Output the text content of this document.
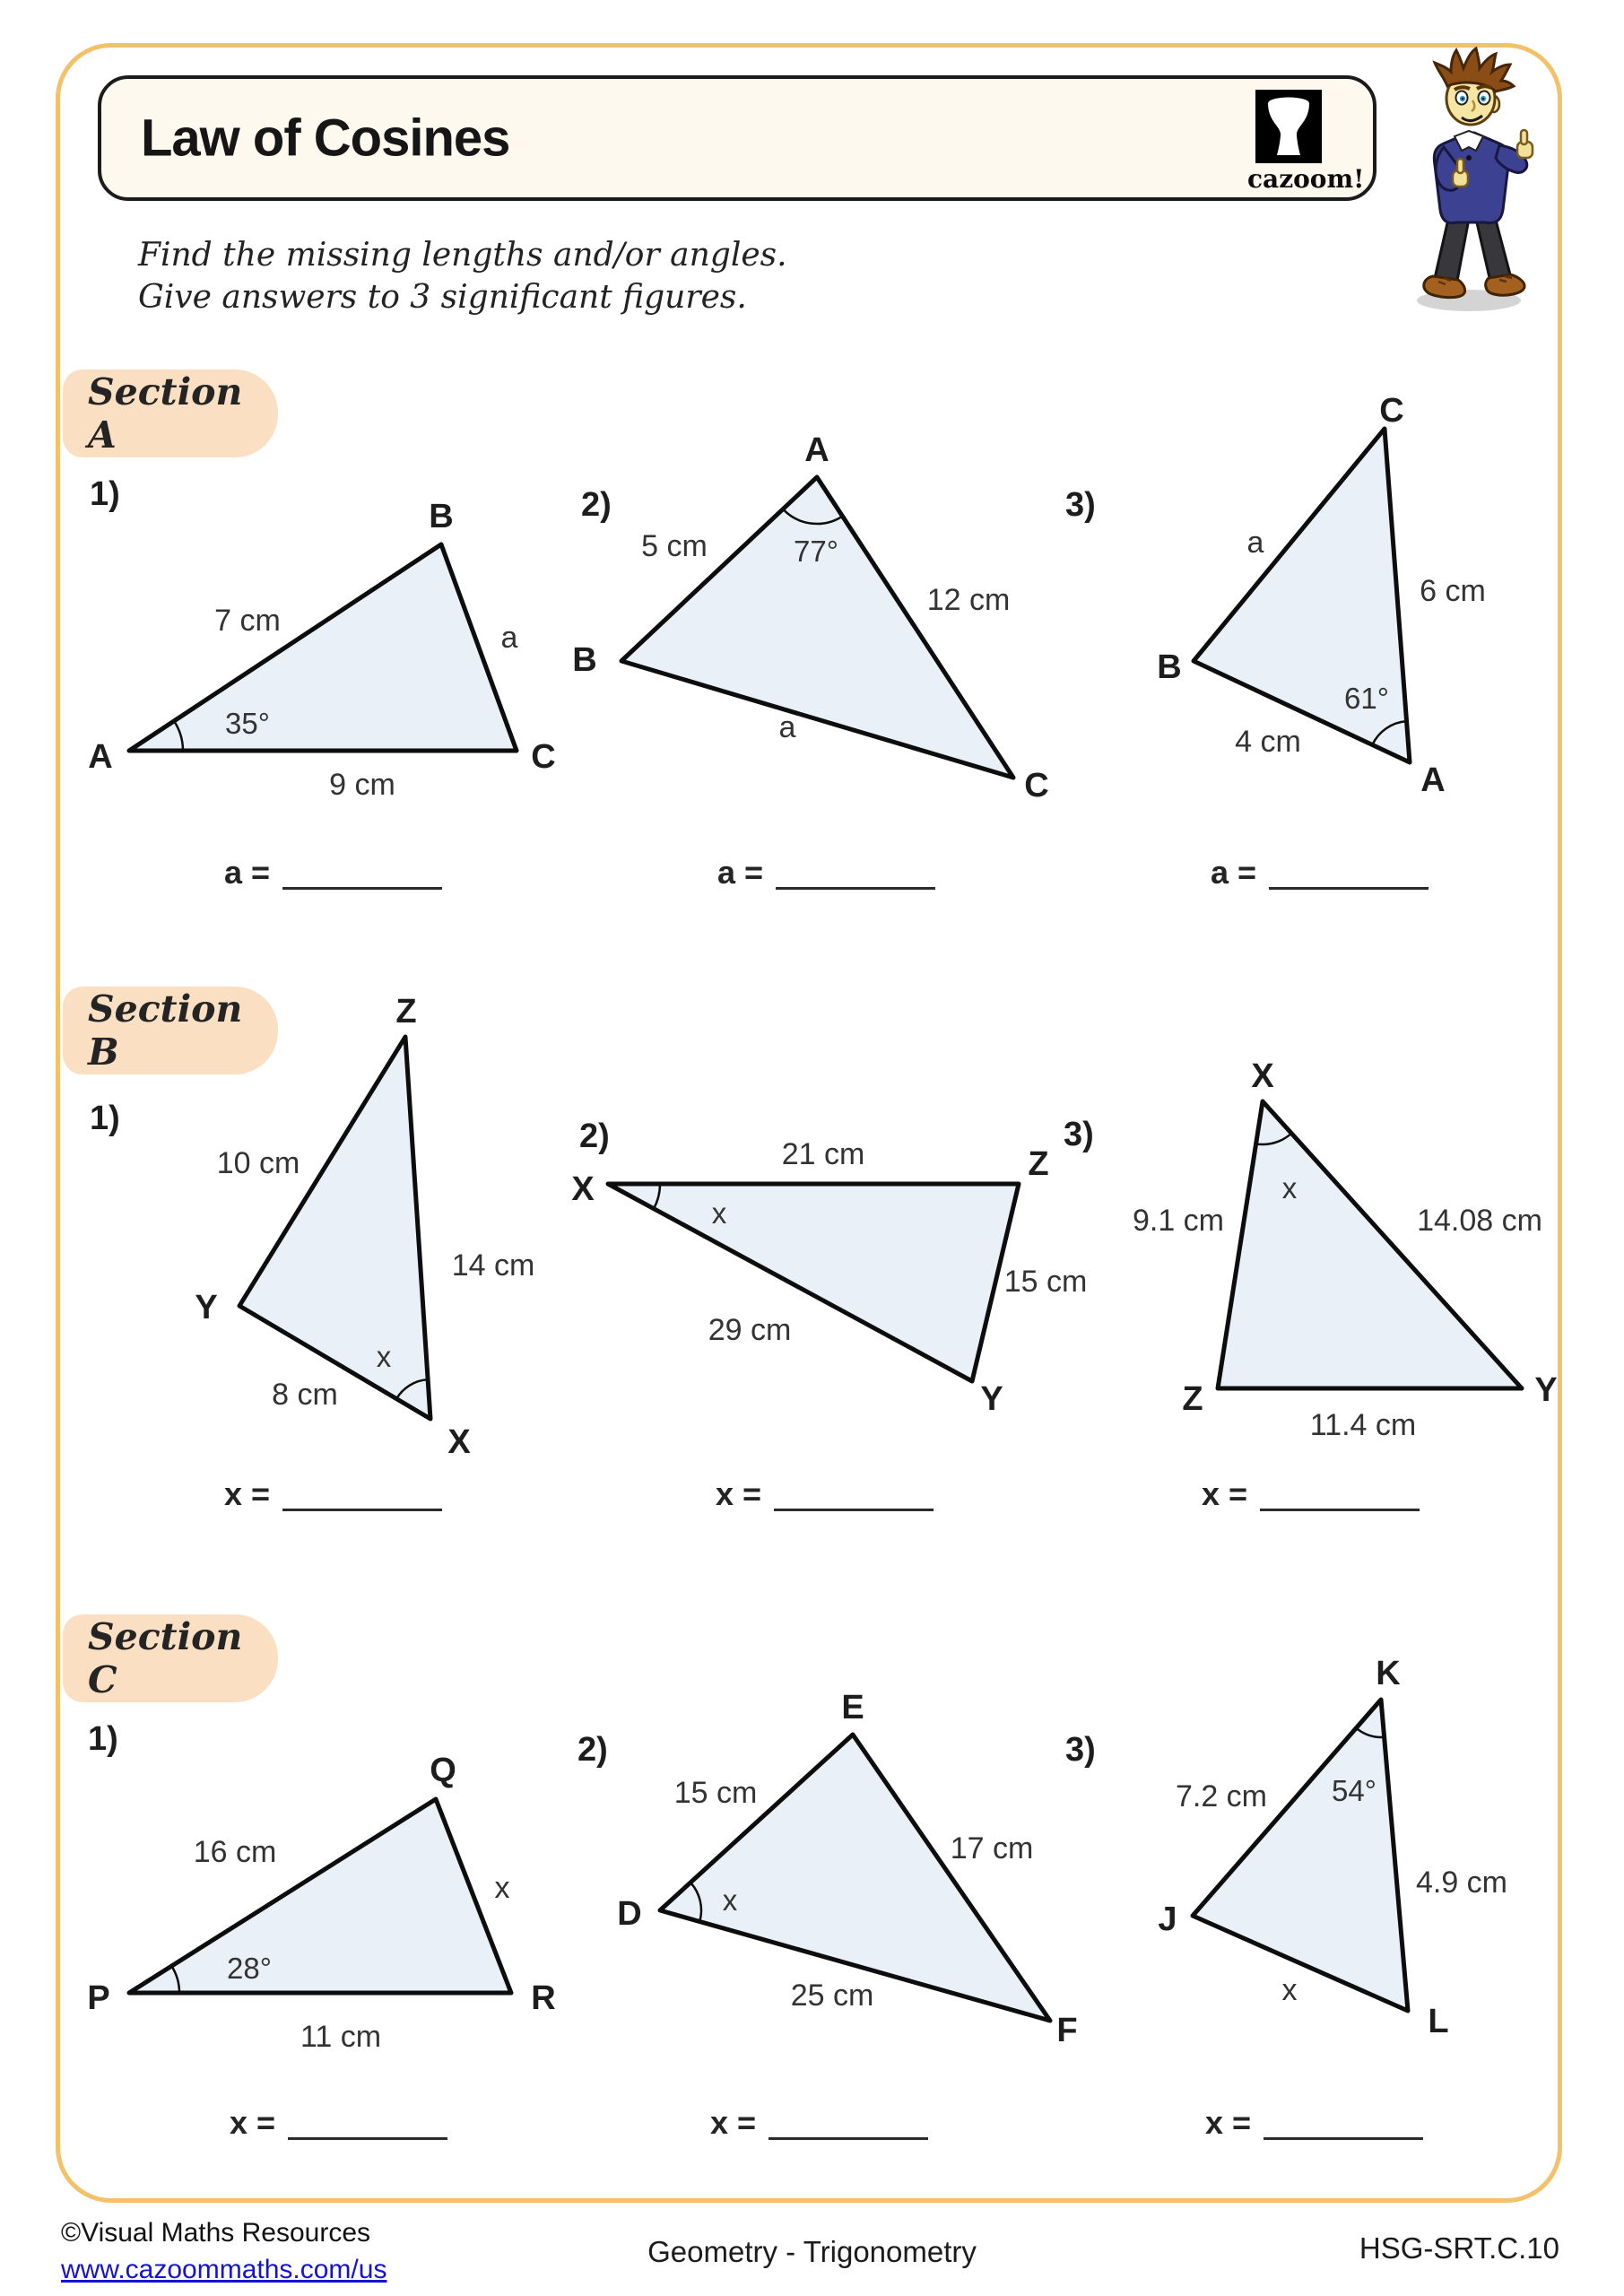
Law of Cosines
cazoom!
Find the missing lengths and/or angles.
Give answers to 3 significant figures.
Section A
Section B
Section C
35°
A
B
C
7 cm	a
9 cm
77°
A
B
C
5 cm
12 cm
a
61°
A
B
C
a
6 cm
4 cm
x
X
Y
Z
8 cm
10 cm
14 cm
x
X
Y
Z
29 cm
15 cm
21 cm
x
X
Y
Z
14.08 cm
11.4 cm
9.1 cm
28°
P
Q
R
16 cm
x
11 cm
x
D
E
F
15 cm
17 cm
25 cm
54°
K
J
L
7.2 cm
4.9 cm
x
1)
a =
2)
a =
3)
a =
1)
x =
2)
x =
3)
x =
1)
x =
2)
x =
3)
x =
©Visual Maths Resources
www.cazoommaths.com/us
Geometry - Trigonometry	HSG-SRT.C.10
